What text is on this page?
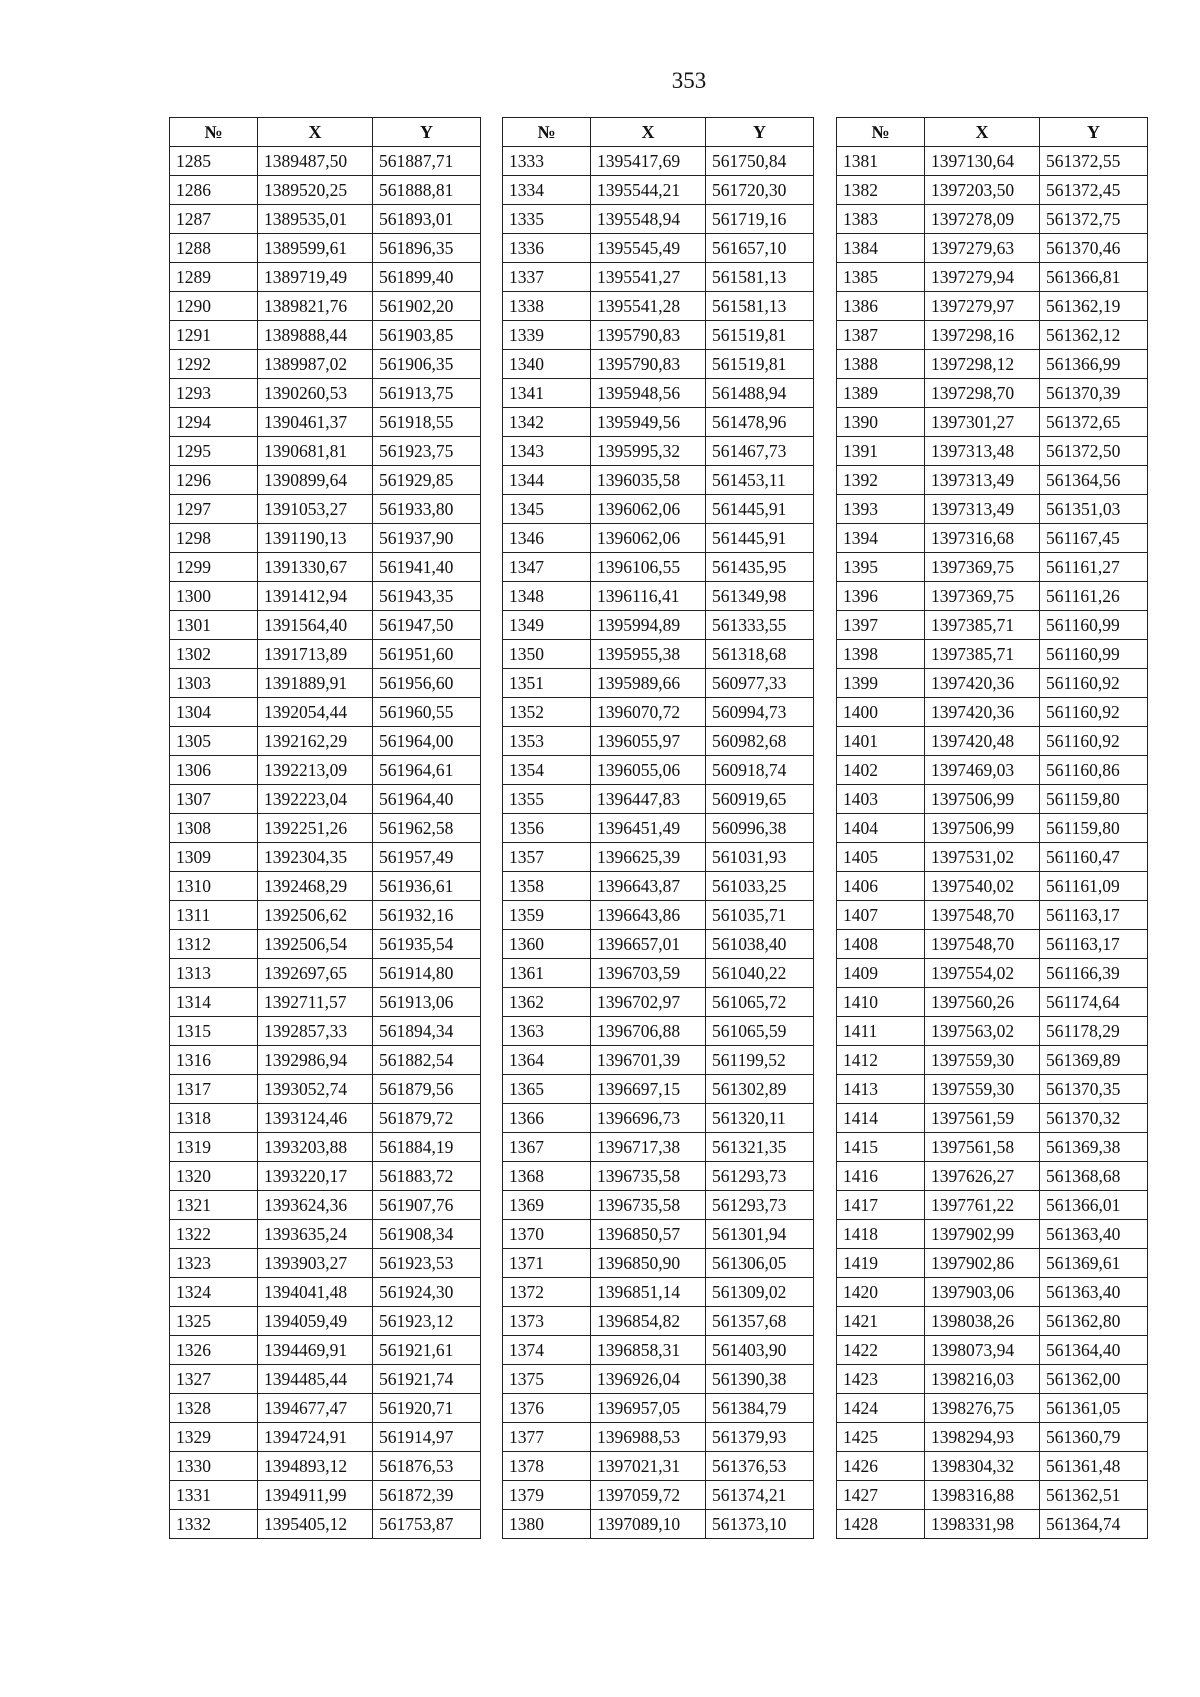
353
№	X	Y
1285	1389487,50	561887,71
1286	1389520,25	561888,81
1287	1389535,01	561893,01
1288	1389599,61	561896,35
1289	1389719,49	561899,40
1290	1389821,76	561902,20
1291	1389888,44	561903,85
1292	1389987,02	561906,35
1293	1390260,53	561913,75
1294	1390461,37	561918,55
1295	1390681,81	561923,75
1296	1390899,64	561929,85
1297	1391053,27	561933,80
1298	1391190,13	561937,90
1299	1391330,67	561941,40
1300	1391412,94	561943,35
1301	1391564,40	561947,50
1302	1391713,89	561951,60
1303	1391889,91	561956,60
1304	1392054,44	561960,55
1305	1392162,29	561964,00
1306	1392213,09	561964,61
1307	1392223,04	561964,40
1308	1392251,26	561962,58
1309	1392304,35	561957,49
1310	1392468,29	561936,61
1311	1392506,62	561932,16
1312	1392506,54	561935,54
1313	1392697,65	561914,80
1314	1392711,57	561913,06
1315	1392857,33	561894,34
1316	1392986,94	561882,54
1317	1393052,74	561879,56
1318	1393124,46	561879,72
1319	1393203,88	561884,19
1320	1393220,17	561883,72
1321	1393624,36	561907,76
1322	1393635,24	561908,34
1323	1393903,27	561923,53
1324	1394041,48	561924,30
1325	1394059,49	561923,12
1326	1394469,91	561921,61
1327	1394485,44	561921,74
1328	1394677,47	561920,71
1329	1394724,91	561914,97
1330	1394893,12	561876,53
1331	1394911,99	561872,39
1332	1395405,12	561753,87
№	X	Y
1333	1395417,69	561750,84
1334	1395544,21	561720,30
1335	1395548,94	561719,16
1336	1395545,49	561657,10
1337	1395541,27	561581,13
1338	1395541,28	561581,13
1339	1395790,83	561519,81
1340	1395790,83	561519,81
1341	1395948,56	561488,94
1342	1395949,56	561478,96
1343	1395995,32	561467,73
1344	1396035,58	561453,11
1345	1396062,06	561445,91
1346	1396062,06	561445,91
1347	1396106,55	561435,95
1348	1396116,41	561349,98
1349	1395994,89	561333,55
1350	1395955,38	561318,68
1351	1395989,66	560977,33
1352	1396070,72	560994,73
1353	1396055,97	560982,68
1354	1396055,06	560918,74
1355	1396447,83	560919,65
1356	1396451,49	560996,38
1357	1396625,39	561031,93
1358	1396643,87	561033,25
1359	1396643,86	561035,71
1360	1396657,01	561038,40
1361	1396703,59	561040,22
1362	1396702,97	561065,72
1363	1396706,88	561065,59
1364	1396701,39	561199,52
1365	1396697,15	561302,89
1366	1396696,73	561320,11
1367	1396717,38	561321,35
1368	1396735,58	561293,73
1369	1396735,58	561293,73
1370	1396850,57	561301,94
1371	1396850,90	561306,05
1372	1396851,14	561309,02
1373	1396854,82	561357,68
1374	1396858,31	561403,90
1375	1396926,04	561390,38
1376	1396957,05	561384,79
1377	1396988,53	561379,93
1378	1397021,31	561376,53
1379	1397059,72	561374,21
1380	1397089,10	561373,10
№	X	Y
1381	1397130,64	561372,55
1382	1397203,50	561372,45
1383	1397278,09	561372,75
1384	1397279,63	561370,46
1385	1397279,94	561366,81
1386	1397279,97	561362,19
1387	1397298,16	561362,12
1388	1397298,12	561366,99
1389	1397298,70	561370,39
1390	1397301,27	561372,65
1391	1397313,48	561372,50
1392	1397313,49	561364,56
1393	1397313,49	561351,03
1394	1397316,68	561167,45
1395	1397369,75	561161,27
1396	1397369,75	561161,26
1397	1397385,71	561160,99
1398	1397385,71	561160,99
1399	1397420,36	561160,92
1400	1397420,36	561160,92
1401	1397420,48	561160,92
1402	1397469,03	561160,86
1403	1397506,99	561159,80
1404	1397506,99	561159,80
1405	1397531,02	561160,47
1406	1397540,02	561161,09
1407	1397548,70	561163,17
1408	1397548,70	561163,17
1409	1397554,02	561166,39
1410	1397560,26	561174,64
1411	1397563,02	561178,29
1412	1397559,30	561369,89
1413	1397559,30	561370,35
1414	1397561,59	561370,32
1415	1397561,58	561369,38
1416	1397626,27	561368,68
1417	1397761,22	561366,01
1418	1397902,99	561363,40
1419	1397902,86	561369,61
1420	1397903,06	561363,40
1421	1398038,26	561362,80
1422	1398073,94	561364,40
1423	1398216,03	561362,00
1424	1398276,75	561361,05
1425	1398294,93	561360,79
1426	1398304,32	561361,48
1427	1398316,88	561362,51
1428	1398331,98	561364,74
